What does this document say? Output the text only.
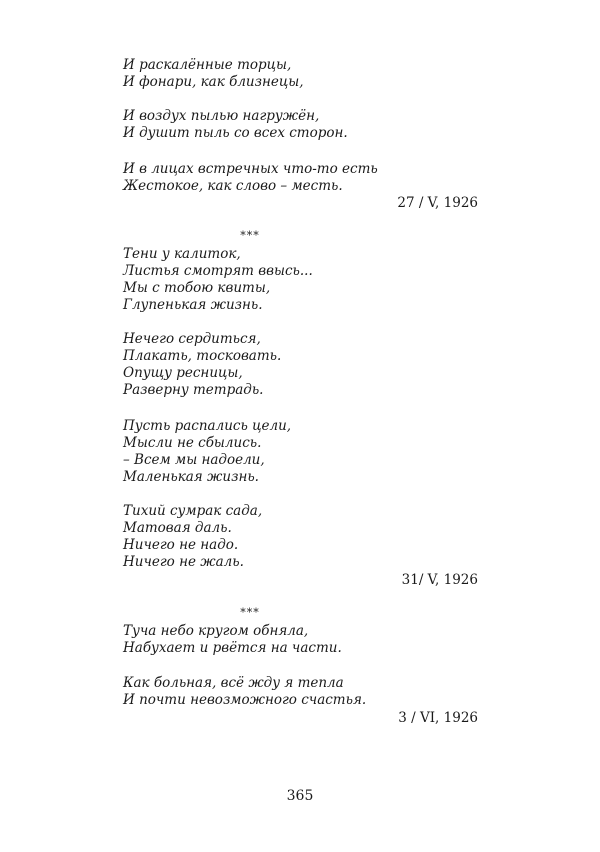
И раскалённые торцы,
И фонари, как близнецы,
И воздух пылью нагружён,
И душит пыль со всех сторон.
И в лицах встречных что-то есть
Жестокое, как слово – месть.
27 / V, 1926
***
Тени у калиток,
Листья смотрят ввысь...
Мы с тобою квиты,
Глупенькая жизнь.
Нечего сердиться,
Плакать, тосковать.
Опущу ресницы,
Разверну тетрадь.
Пусть распались цели,
Мысли не сбылись.
– Всем мы надоели,
Маленькая жизнь.
Тихий сумрак сада,
Матовая даль.
Ничего не надо.
Ничего не жаль.
31/ V, 1926
***
Туча небо кругом обняла,
Набухает и рвётся на части.
Как больная, всё жду я тепла
И почти невозможного счастья.
3 / VI, 1926
365
